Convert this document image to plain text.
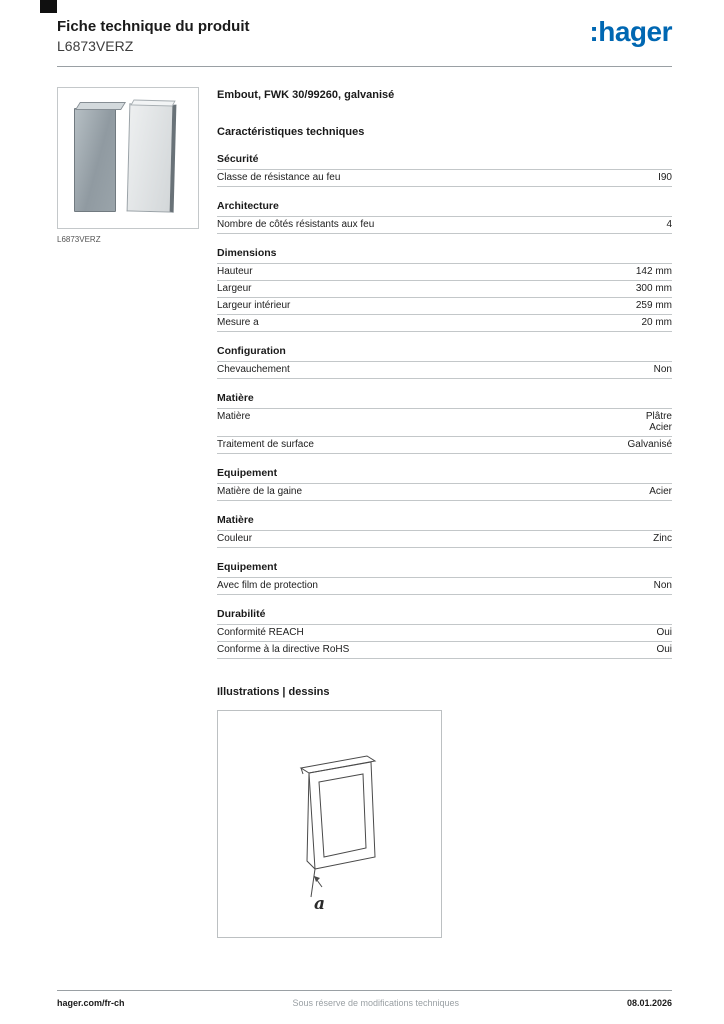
Fiche technique du produit
L6873VERZ	:hager
L6873VERZ
Embout, FWK 30/99260, galvanisé
Caractéristiques techniques
Sécurité
Classe de résistance au feu	I90
Architecture
Nombre de côtés résistants aux feu	4
Dimensions
Hauteur	142 mm
Largeur	300 mm
Largeur intérieur	259 mm
Mesure a	20 mm
Configuration
Chevauchement	Non
Matière
Matière	Plâtre
Acier
Traitement de surface	Galvanisé
Equipement
Matière de la gaine	Acier
Matière
Couleur	Zinc
Equipement
Avec film de protection	Non
Durabilité
Conformité REACH	Oui
Conforme à la directive RoHS	Oui
Illustrations | dessins
a
hager.com/fr-ch	Sous réserve de modifications techniques	08.01.2026
